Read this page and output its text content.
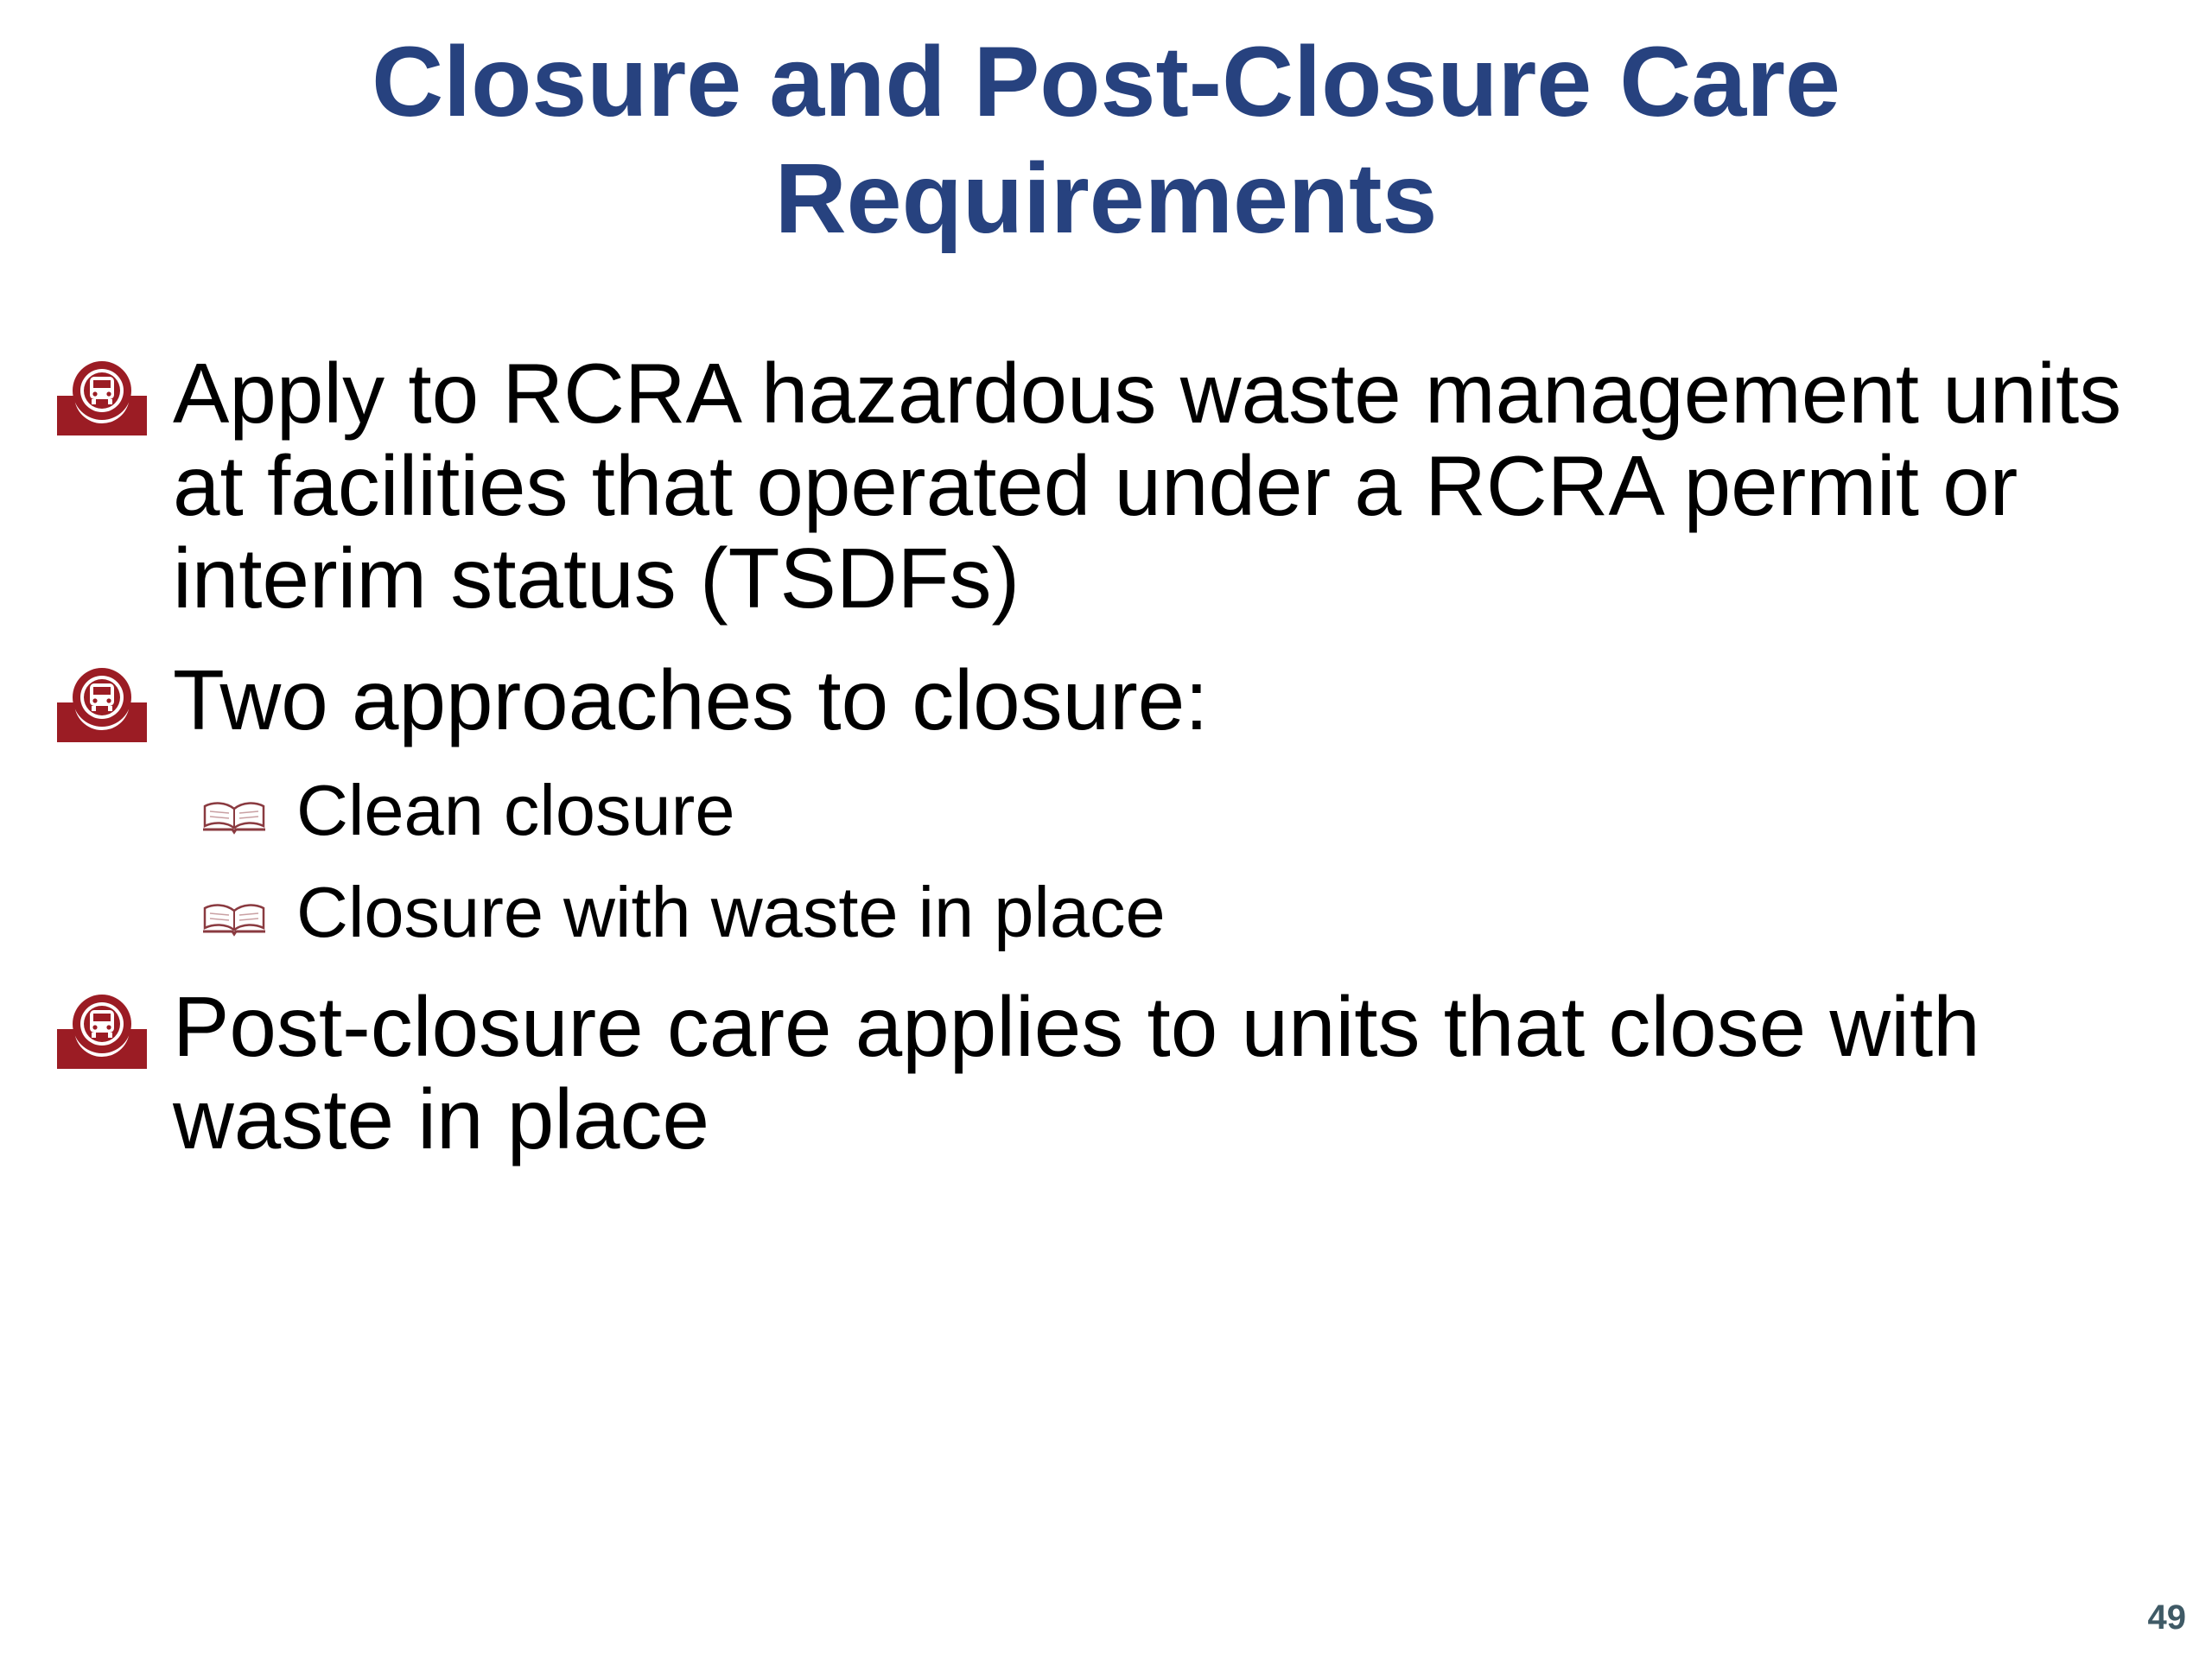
Closure and Post-Closure Care
Requirements
Apply to RCRA hazardous waste management units at facilities that operated under a RCRA permit or interim status (TSDFs)
Two approaches to closure:
Clean closure
Closure with waste in place
Post-closure care applies to units that close with waste in place
49
